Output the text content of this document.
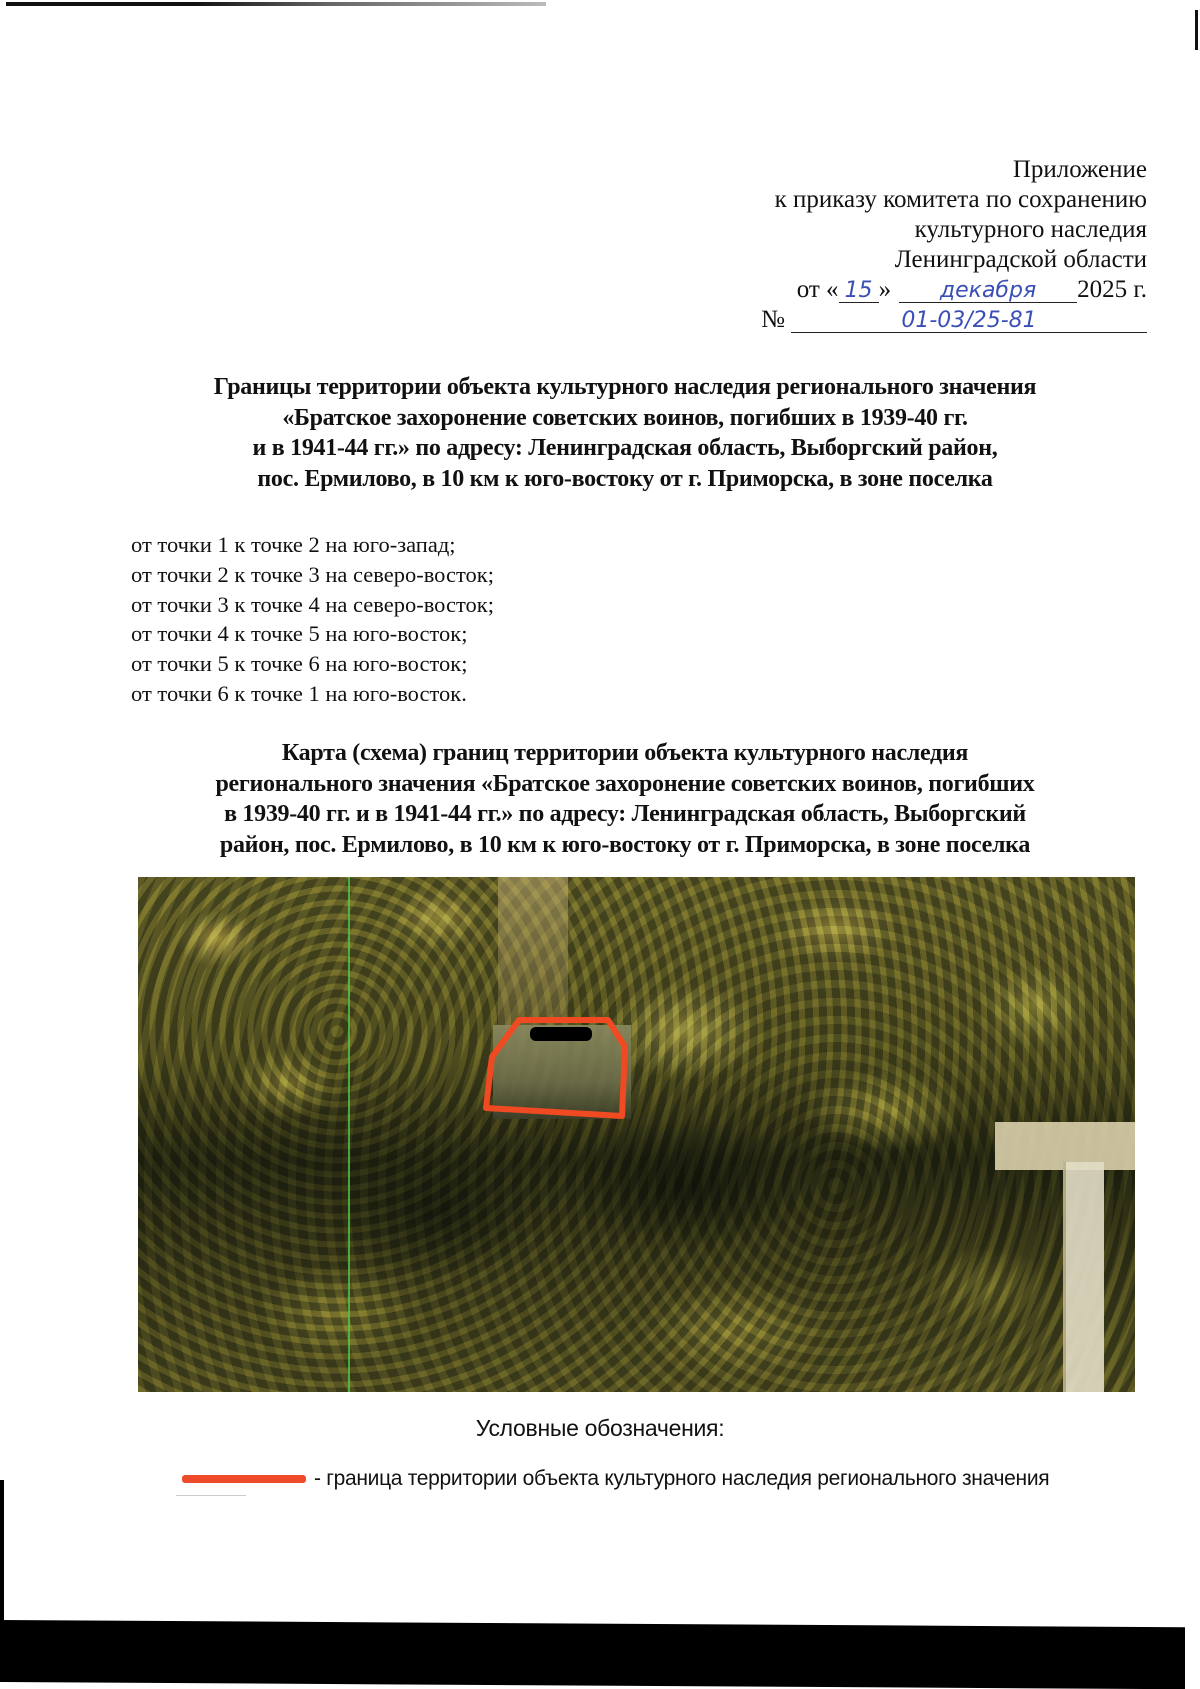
Приложение
к приказу комитета по сохранению
культурного наследия
Ленинградской области
от « 15 » декабря 2025 г.
№	01-03/25-81
Границы территории объекта культурного наследия регионального значения
«Братское захоронение советских воинов, погибших в 1939-40 гг.
и в 1941-44 гг.» по адресу: Ленинградская область, Выборгский район,
пос. Ермилово, в 10 км к юго-востоку от г. Приморска, в зоне поселка
от точки 1 к точке 2 на юго-запад;
от точки 2 к точке 3 на северо-восток;
от точки 3 к точке 4 на северо-восток;
от точки 4 к точке 5 на юго-восток;
от точки 5 к точке 6 на юго-восток;
от точки 6 к точке 1 на юго-восток.
Карта (схема) границ территории объекта культурного наследия
регионального значения «Братское захоронение советских воинов, погибших
в 1939-40 гг. и в 1941-44 гг.» по адресу: Ленинградская область, Выборгский
район, пос. Ермилово, в 10 км к юго-востоку от г. Приморска, в зоне поселка
Условные обозначения:
- граница территории объекта культурного наследия регионального значения
